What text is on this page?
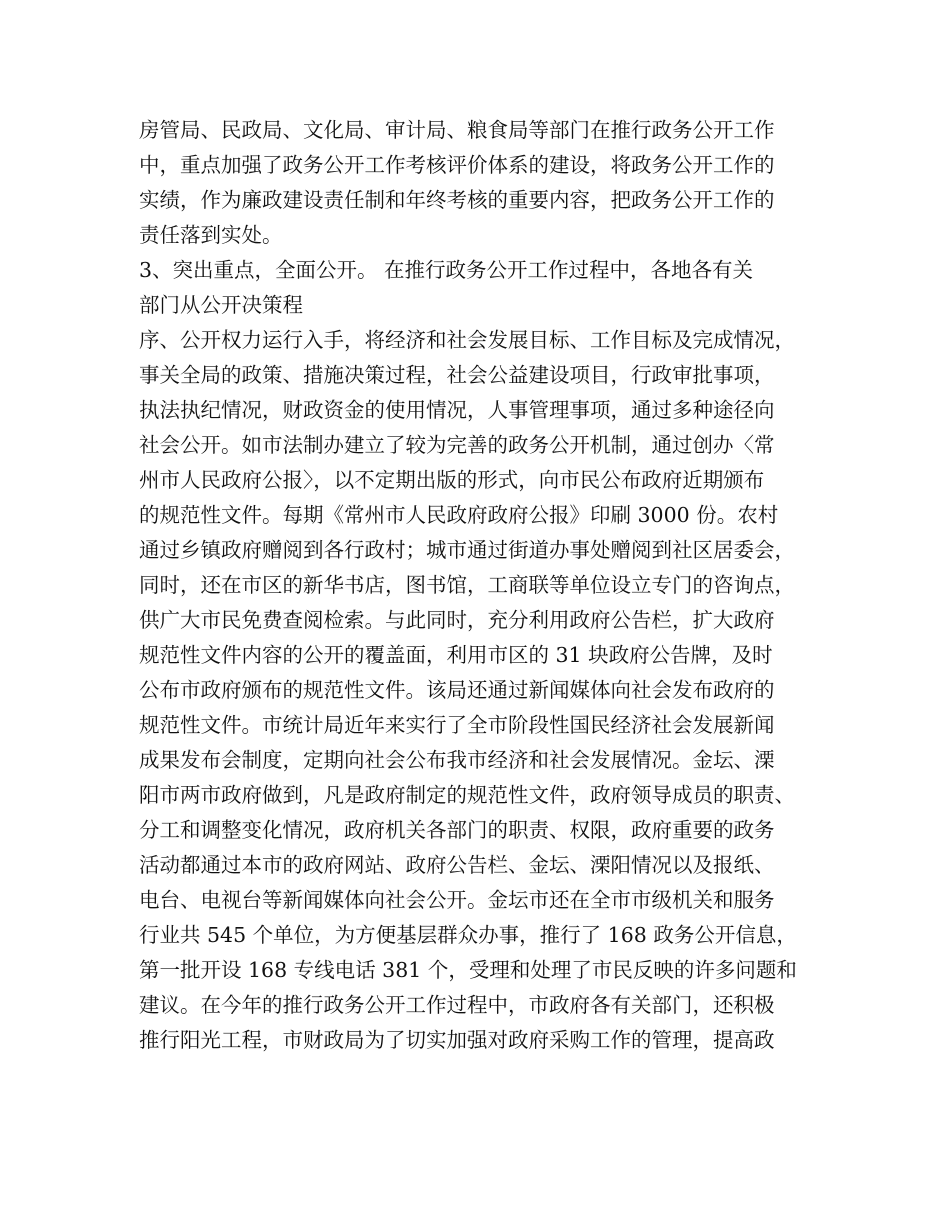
房管局、民政局、文化局、审计局、粮食局等部门在推行政务公开工作
中，重点加强了政务公开工作考核评价体系的建设，将政务公开工作的
实绩，作为廉政建设责任制和年终考核的重要内容，把政务公开工作的
责任落到实处。
3、突出重点，全面公开。 在推行政务公开工作过程中，各地各有关
部门从公开决策程
序、公开权力运行入手，将经济和社会发展目标、工作目标及完成情况，
事关全局的政策、措施决策过程，社会公益建设项目，行政审批事项，
执法执纪情况，财政资金的使用情况，人事管理事项，通过多种途径向
社会公开。如市法制办建立了较为完善的政务公开机制，通过创办〈常
州市人民政府公报〉，以不定期出版的形式，向市民公布政府近期颁布
的规范性文件。每期《常州市人民政府政府公报》印刷 3000 份。农村
通过乡镇政府赠阅到各行政村；城市通过街道办事处赠阅到社区居委会，
同时，还在市区的新华书店，图书馆，工商联等单位设立专门的咨询点，
供广大市民免费查阅检索。与此同时，充分利用政府公告栏，扩大政府
规范性文件内容的公开的覆盖面，利用市区的 31 块政府公告牌，及时
公布市政府颁布的规范性文件。该局还通过新闻媒体向社会发布政府的
规范性文件。市统计局近年来实行了全市阶段性国民经济社会发展新闻
成果发布会制度，定期向社会公布我市经济和社会发展情况。金坛、溧
阳市两市政府做到，凡是政府制定的规范性文件，政府领导成员的职责、
分工和调整变化情况，政府机关各部门的职责、权限，政府重要的政务
活动都通过本市的政府网站、政府公告栏、金坛、溧阳情况以及报纸、
电台、电视台等新闻媒体向社会公开。金坛市还在全市市级机关和服务
行业共 545 个单位，为方便基层群众办事，推行了 168 政务公开信息，
第一批开设 168 专线电话 381 个，受理和处理了市民反映的许多问题和
建议。在今年的推行政务公开工作过程中，市政府各有关部门，还积极
推行阳光工程，市财政局为了切实加强对政府采购工作的管理，提高政
